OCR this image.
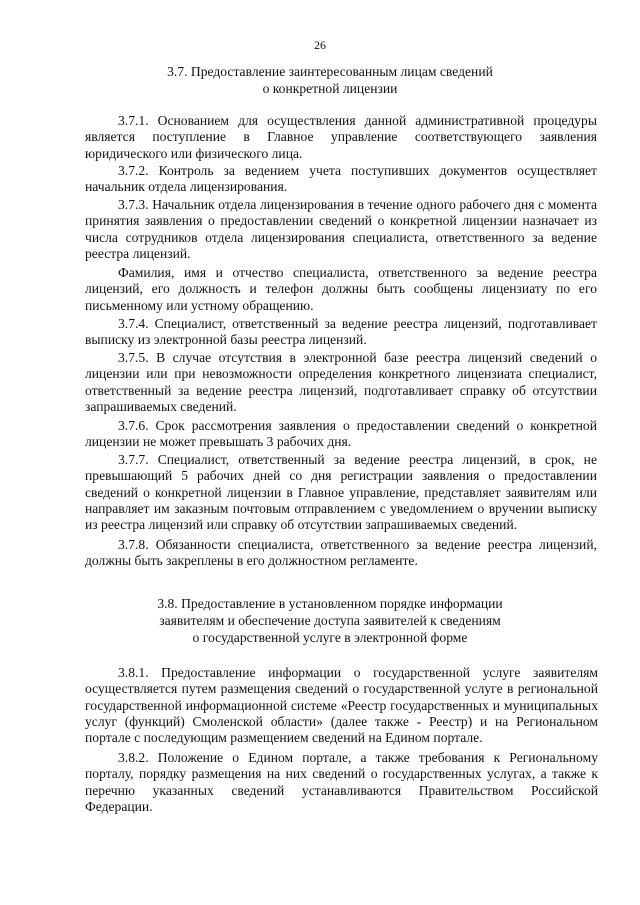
26
3.7. Предоставление заинтересованным лицам сведений
о конкретной лицензии
3.7.1. Основанием для осуществления данной административной процедуры является поступление в Главное управление соответствующего заявления юридического или физического лица.
3.7.2. Контроль за ведением учета поступивших документов осуществляет начальник отдела лицензирования.
3.7.3. Начальник отдела лицензирования в течение одного рабочего дня с момента принятия заявления о предоставлении сведений о конкретной лицензии назначает из числа сотрудников отдела лицензирования специалиста, ответственного за ведение реестра лицензий.
Фамилия, имя и отчество специалиста, ответственного за ведение реестра лицензий, его должность и телефон должны быть сообщены лицензиату по его письменному или устному обращению.
3.7.4. Специалист, ответственный за ведение реестра лицензий, подготавливает выписку из электронной базы реестра лицензий.
3.7.5. В случае отсутствия в электронной базе реестра лицензий сведений о лицензии или при невозможности определения конкретного лицензиата специалист, ответственный за ведение реестра лицензий, подготавливает справку об отсутствии запрашиваемых сведений.
3.7.6. Срок рассмотрения заявления о предоставлении сведений о конкретной лицензии не может превышать 3 рабочих дня.
3.7.7. Специалист, ответственный за ведение реестра лицензий, в срок, не превышающий 5 рабочих дней со дня регистрации заявления о предоставлении сведений о конкретной лицензии в Главное управление, представляет заявителям или направляет им заказным почтовым отправлением с уведомлением о вручении выписку из реестра лицензий или справку об отсутствии запрашиваемых сведений.
3.7.8. Обязанности специалиста, ответственного за ведение реестра лицензий, должны быть закреплены в его должностном регламенте.
3.8. Предоставление в установленном порядке информации
заявителям и обеспечение доступа заявителей к сведениям
о государственной услуге в электронной форме
3.8.1. Предоставление информации о государственной услуге заявителям осуществляется путем размещения сведений о государственной услуге в региональной государственной информационной системе «Реестр государственных и муниципальных услуг (функций) Смоленской области» (далее также - Реестр) и на Региональном портале с последующим размещением сведений на Едином портале.
3.8.2. Положение о Едином портале, а также требования к Региональному порталу, порядку размещения на них сведений о государственных услугах, а также к перечню указанных сведений устанавливаются Правительством Российской Федерации.
